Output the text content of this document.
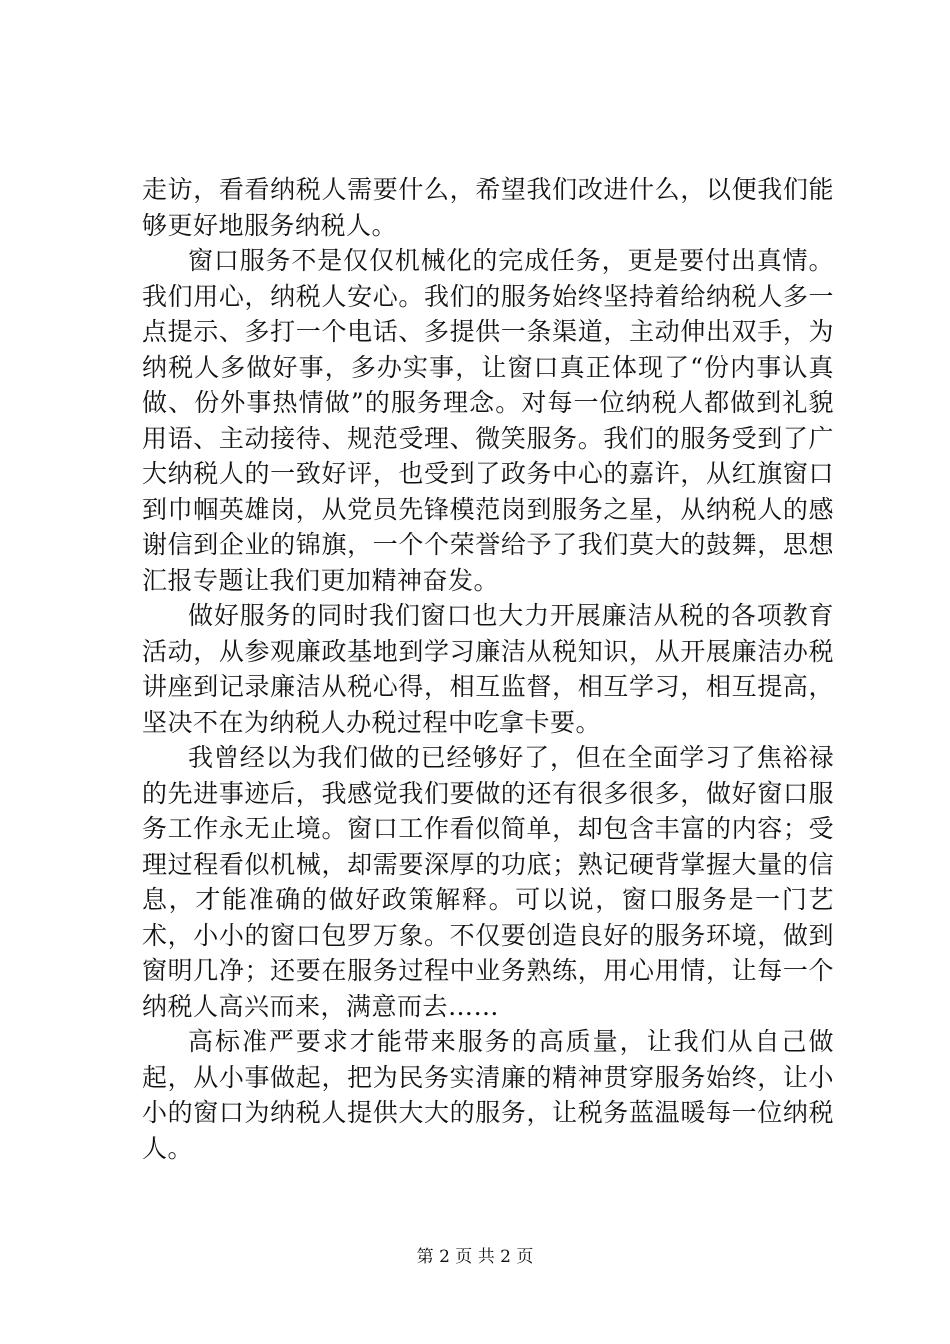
走访，看看纳税人需要什么，希望我们改进什么，以便我们能够更好地服务纳税人。

窗口服务不是仅仅机械化的完成任务，更是要付出真情。我们用心，纳税人安心。我们的服务始终坚持着给纳税人多一点提示、多打一个电话、多提供一条渠道，主动伸出双手，为纳税人多做好事，多办实事，让窗口真正体现了“份内事认真做、份外事热情做”的服务理念。对每一位纳税人都做到礼貌用语、主动接待、规范受理、微笑服务。我们的服务受到了广大纳税人的一致好评，也受到了政务中心的嘉许，从红旗窗口到巾帼英雄岗，从党员先锋模范岗到服务之星，从纳税人的感谢信到企业的锦旗，一个个荣誉给予了我们莫大的鼓舞，思想汇报专题让我们更加精神奋发。

做好服务的同时我们窗口也大力开展廉洁从税的各项教育活动，从参观廉政基地到学习廉洁从税知识，从开展廉洁办税讲座到记录廉洁从税心得，相互监督，相互学习，相互提高，坚决不在为纳税人办税过程中吃拿卡要。

我曾经以为我们做的已经够好了，但在全面学习了焦裕禄的先进事迹后，我感觉我们要做的还有很多很多，做好窗口服务工作永无止境。窗口工作看似简单，却包含丰富的内容；受理过程看似机械，却需要深厚的功底；熟记硬背掌握大量的信息，才能准确的做好政策解释。可以说，窗口服务是一门艺术，小小的窗口包罗万象。不仅要创造良好的服务环境，做到窗明几净；还要在服务过程中业务熟练，用心用情，让每一个纳税人高兴而来，满意而去……

高标准严要求才能带来服务的高质量，让我们从自己做起，从小事做起，把为民务实清廉的精神贯穿服务始终，让小小的窗口为纳税人提供大大的服务，让税务蓝温暖每一位纳税人。

第 2 页 共 2 页
